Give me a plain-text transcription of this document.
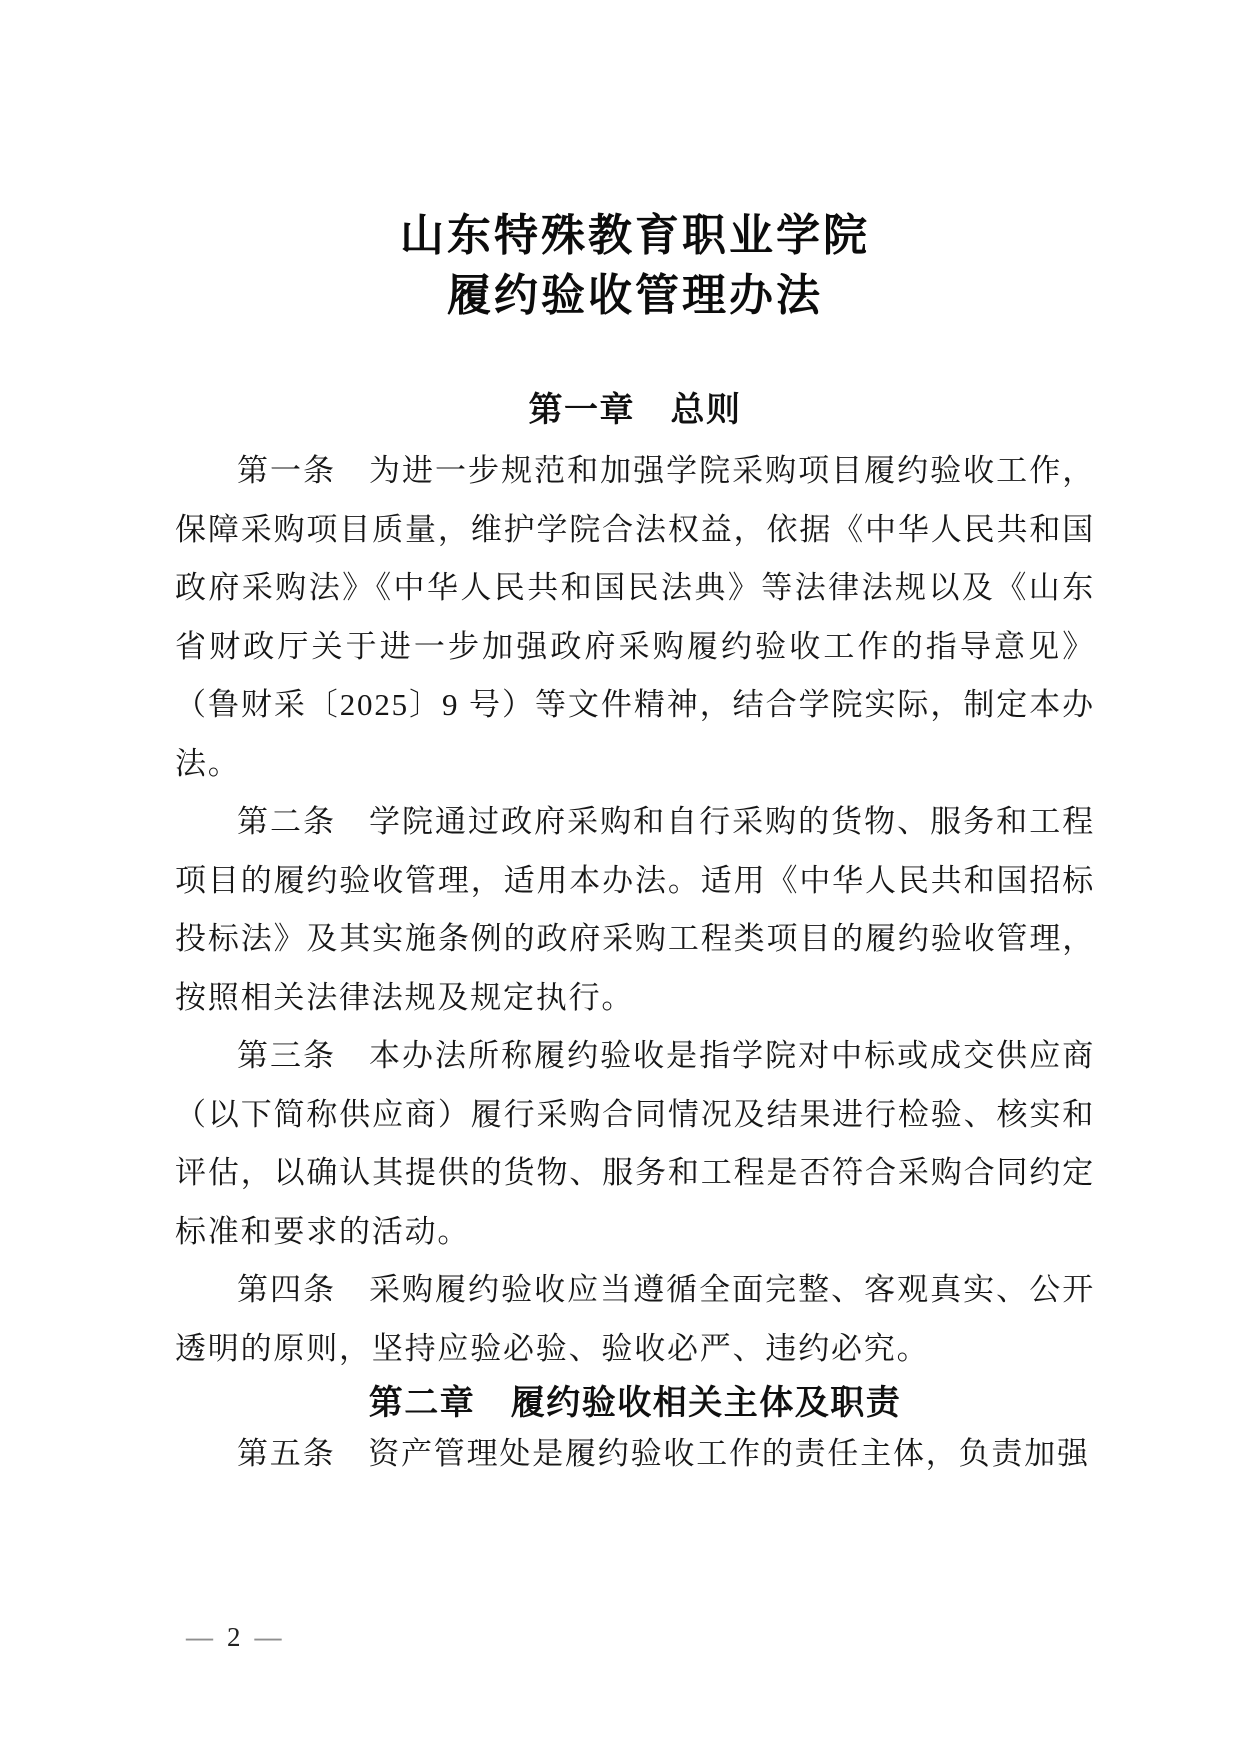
山东特殊教育职业学院
履约验收管理办法
第一章　总则

第一条　为进一步规范和加强学院采购项目履约验收工作，保障采购项目质量，维护学院合法权益，依据《中华人民共和国政府采购法》《中华人民共和国民法典》等法律法规以及《山东省财政厅关于进一步加强政府采购履约验收工作的指导意见》（鲁财采〔2025〕9 号）等文件精神，结合学院实际，制定本办法。

第二条　学院通过政府采购和自行采购的货物、服务和工程项目的履约验收管理，适用本办法。适用《中华人民共和国招标投标法》及其实施条例的政府采购工程类项目的履约验收管理，按照相关法律法规及规定执行。

第三条　本办法所称履约验收是指学院对中标或成交供应商（以下简称供应商）履行采购合同情况及结果进行检验、核实和评估，以确认其提供的货物、服务和工程是否符合采购合同约定标准和要求的活动。

第四条　采购履约验收应当遵循全面完整、客观真实、公开透明的原则，坚持应验必验、验收必严、违约必究。

第二章　履约验收相关主体及职责

第五条　资产管理处是履约验收工作的责任主体，负责加强

— 2 —
